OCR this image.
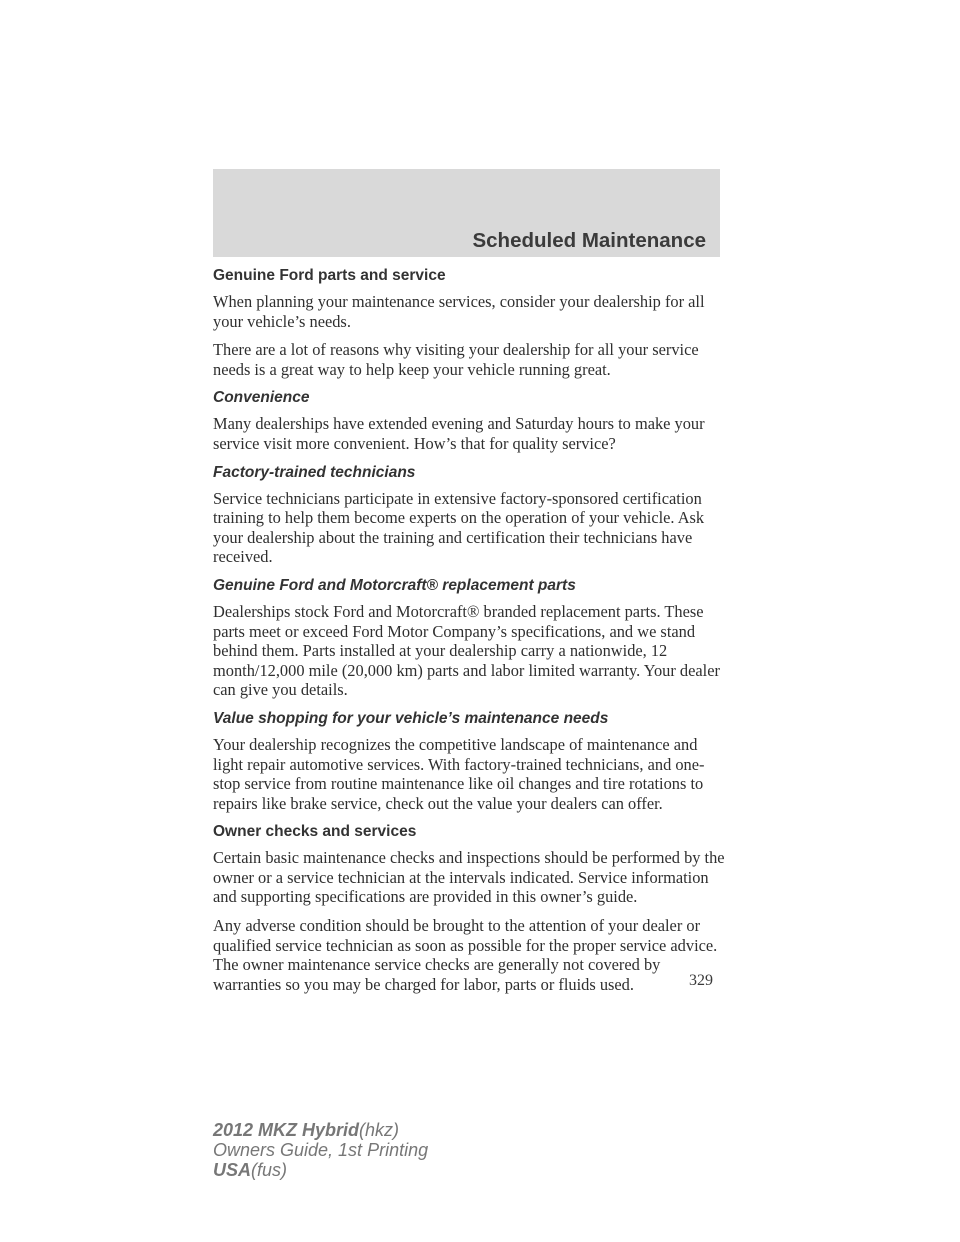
Scheduled Maintenance
Genuine Ford parts and service

When planning your maintenance services, consider your dealership for all your vehicle’s needs.

There are a lot of reasons why visiting your dealership for all your service needs is a great way to help keep your vehicle running great.

Convenience

Many dealerships have extended evening and Saturday hours to make your service visit more convenient. How’s that for quality service?

Factory-trained technicians

Service technicians participate in extensive factory-sponsored certification training to help them become experts on the operation of your vehicle. Ask your dealership about the training and certification their technicians have received.

Genuine Ford and Motorcraft® replacement parts

Dealerships stock Ford and Motorcraft® branded replacement parts. These parts meet or exceed Ford Motor Company’s specifications, and we stand behind them. Parts installed at your dealership carry a nationwide, 12 month/12,000 mile (20,000 km) parts and labor limited warranty. Your dealer can give you details.

Value shopping for your vehicle’s maintenance needs

Your dealership recognizes the competitive landscape of maintenance and light repair automotive services. With factory-trained technicians, and one-stop service from routine maintenance like oil changes and tire rotations to repairs like brake service, check out the value your dealers can offer.

Owner checks and services

Certain basic maintenance checks and inspections should be performed by the owner or a service technician at the intervals indicated. Service information and supporting specifications are provided in this owner’s guide.

Any adverse condition should be brought to the attention of your dealer or qualified service technician as soon as possible for the proper service advice. The owner maintenance service checks are generally not covered by warranties so you may be charged for labor, parts or fluids used.	329
2012 MKZ Hybrid(hkz)
Owners Guide, 1st Printing
USA(fus)
